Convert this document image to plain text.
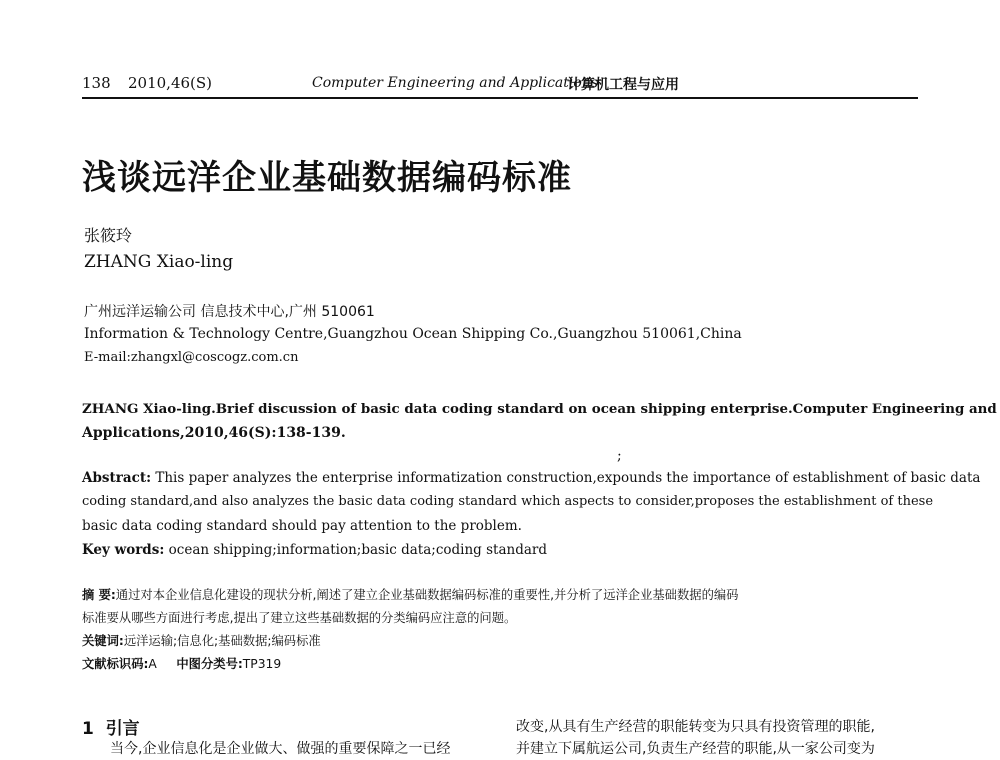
138 2010,46(S)	Computer Engineering and Applications
计算机工程与应用
浅谈远洋企业基础数据编码标准
张筱玲
ZHANG Xiao-ling
广州远洋运输公司 信息技术中心,广州 510061
Information & Technology Centre,Guangzhou Ocean Shipping Co.,Guangzhou 510061,China
E-mail:zhangxl@coscogz.com.cn
ZHANG Xiao-ling.Brief discussion of basic data coding standard on ocean shipping enterprise.Computer Engineering and
Applications,2010,46(S):138-139.
;
Abstract: This paper analyzes the enterprise informatization construction,expounds the importance of establishment of basic data
coding standard,and also analyzes the basic data coding standard which aspects to consider,proposes the establishment of these
basic data coding standard should pay attention to the problem.
Key words: ocean shipping;information;basic data;coding standard
摘 要:通过对本企业信息化建设的现状分析,阐述了建立企业基础数据编码标准的重要性,并分析了远洋企业基础数据的编码
标准要从哪些方面进行考虑,提出了建立这些基础数据的分类编码应注意的问题。
关键词:远洋运输;信息化;基础数据;编码标准
文献标识码:A 中图分类号:TP319
1 引言
当今,企业信息化是企业做大、做强的重要保障之一已经
改变,从具有生产经营的职能转变为只具有投资管理的职能,
并建立下属航运公司,负责生产经营的职能,从一家公司变为
